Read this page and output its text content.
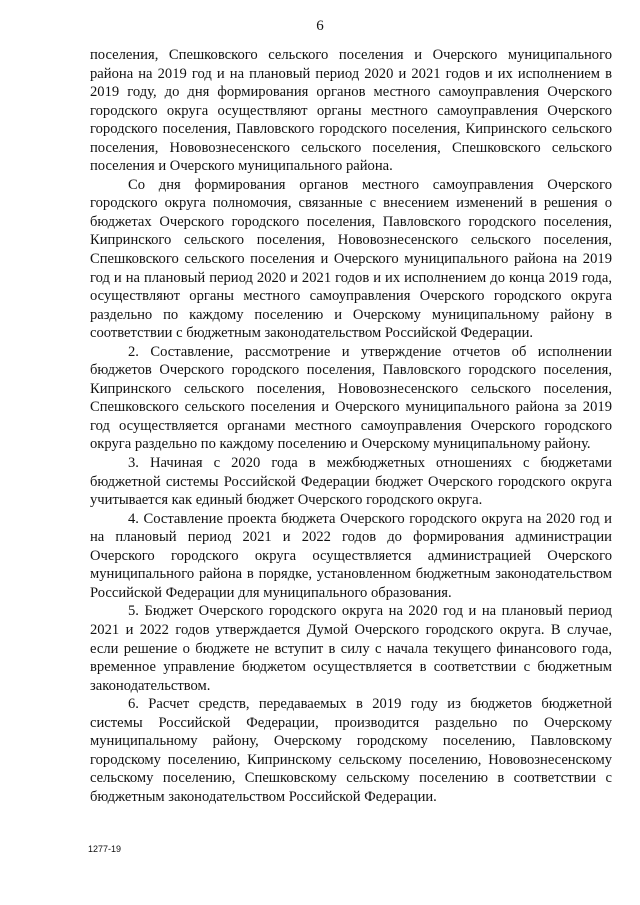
6

поселения, Спешковского сельского поселения и Очерского муниципального района на 2019 год и на плановый период 2020 и 2021 годов и их исполнением в 2019 году, до дня формирования органов местного самоуправления Очерского городского округа осуществляют органы местного самоуправления Очерского городского поселения, Павловского городского поселения, Кипринского сельского поселения, Нововознесенского сельского поселения, Спешковского сельского поселения и Очерского муниципального района.

Со дня формирования органов местного самоуправления Очерского городского округа полномочия, связанные с внесением изменений в решения о бюджетах Очерского городского поселения, Павловского городского поселения, Кипринского сельского поселения, Нововознесенского сельского поселения, Спешковского сельского поселения и Очерского муниципального района на 2019 год и на плановый период 2020 и 2021 годов и их исполнением до конца 2019 года, осуществляют органы местного самоуправления Очерского городского округа раздельно по каждому поселению и Очерскому муниципальному району в соответствии с бюджетным законодательством Российской Федерации.

2. Составление, рассмотрение и утверждение отчетов об исполнении бюджетов Очерского городского поселения, Павловского городского поселения, Кипринского сельского поселения, Нововознесенского сельского поселения, Спешковского сельского поселения и Очерского муниципального района за 2019 год осуществляется органами местного самоуправления Очерского городского округа раздельно по каждому поселению и Очерскому муниципальному району.

3. Начиная с 2020 года в межбюджетных отношениях с бюджетами бюджетной системы Российской Федерации бюджет Очерского городского округа учитывается как единый бюджет Очерского городского округа.

4. Составление проекта бюджета Очерского городского округа на 2020 год и на плановый период 2021 и 2022 годов до формирования администрации Очерского городского округа осуществляется администрацией Очерского муниципального района в порядке, установленном бюджетным законодательством Российской Федерации для муниципального образования.

5. Бюджет Очерского городского округа на 2020 год и на плановый период 2021 и 2022 годов утверждается Думой Очерского городского округа. В случае, если решение о бюджете не вступит в силу с начала текущего финансового года, временное управление бюджетом осуществляется в соответствии с бюджетным законодательством.

6. Расчет средств, передаваемых в 2019 году из бюджетов бюджетной системы Российской Федерации, производится раздельно по Очерскому муниципальному району, Очерскому городскому поселению, Павловскому городскому поселению, Кипринскому сельскому поселению, Нововознесенскому сельскому поселению, Спешковскому сельскому поселению в соответствии с бюджетным законодательством Российской Федерации.

1277-19
